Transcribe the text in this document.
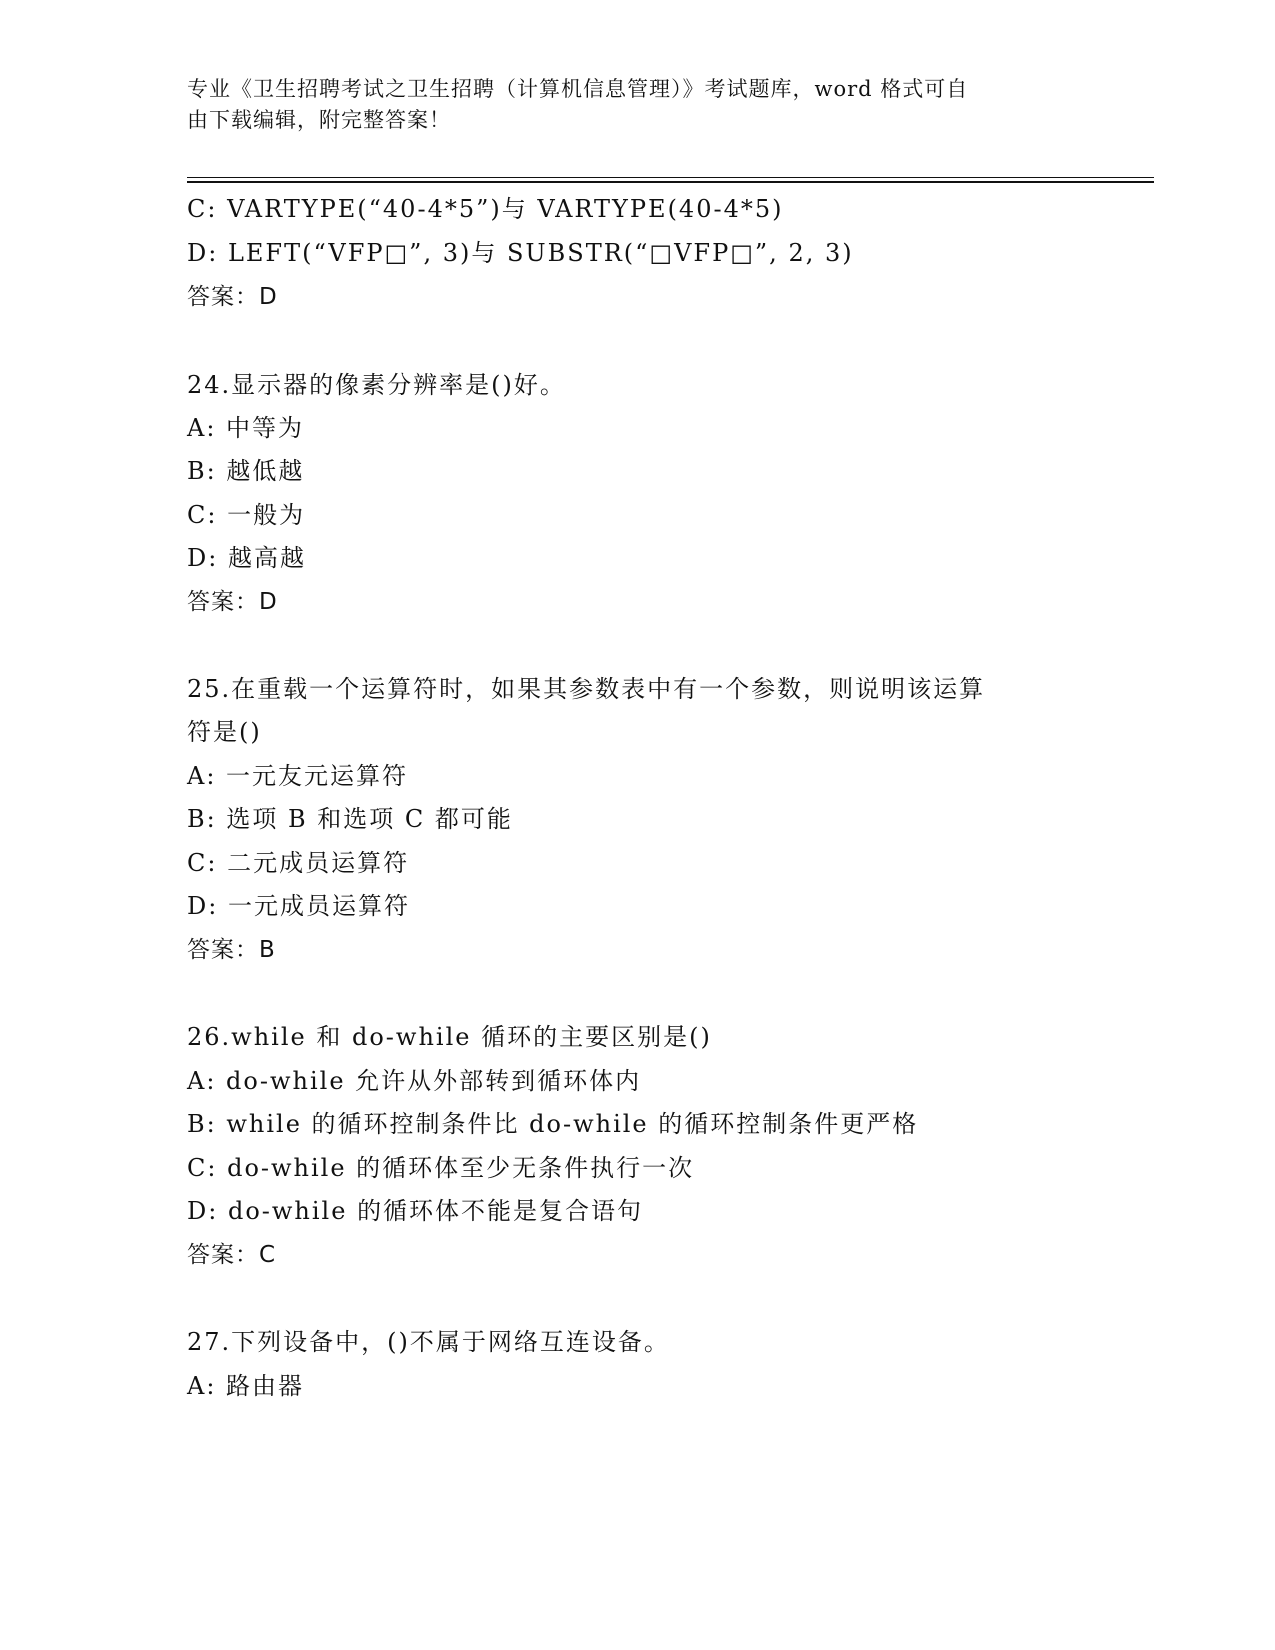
专业《卫生招聘考试之卫生招聘（计算机信息管理）》考试题库，word 格式可自
由下载编辑，附完整答案！
C: VARTYPE(“40-4*5”)与 VARTYPE(40-4*5)
D: LEFT(“VFP□”, 3)与 SUBSTR(“□VFP□”, 2, 3)
答案：D
24.显示器的像素分辨率是()好。
A: 中等为
B: 越低越
C: 一般为
D: 越高越
答案：D
25.在重载一个运算符时，如果其参数表中有一个参数，则说明该运算
符是()
A: 一元友元运算符
B: 选项 B 和选项 C 都可能
C: 二元成员运算符
D: 一元成员运算符
答案：B
26.while 和 do-while 循环的主要区别是()
A: do-while 允许从外部转到循环体内
B: while 的循环控制条件比 do-while 的循环控制条件更严格
C: do-while 的循环体至少无条件执行一次
D: do-while 的循环体不能是复合语句
答案：C
27.下列设备中，()不属于网络互连设备。
A: 路由器
